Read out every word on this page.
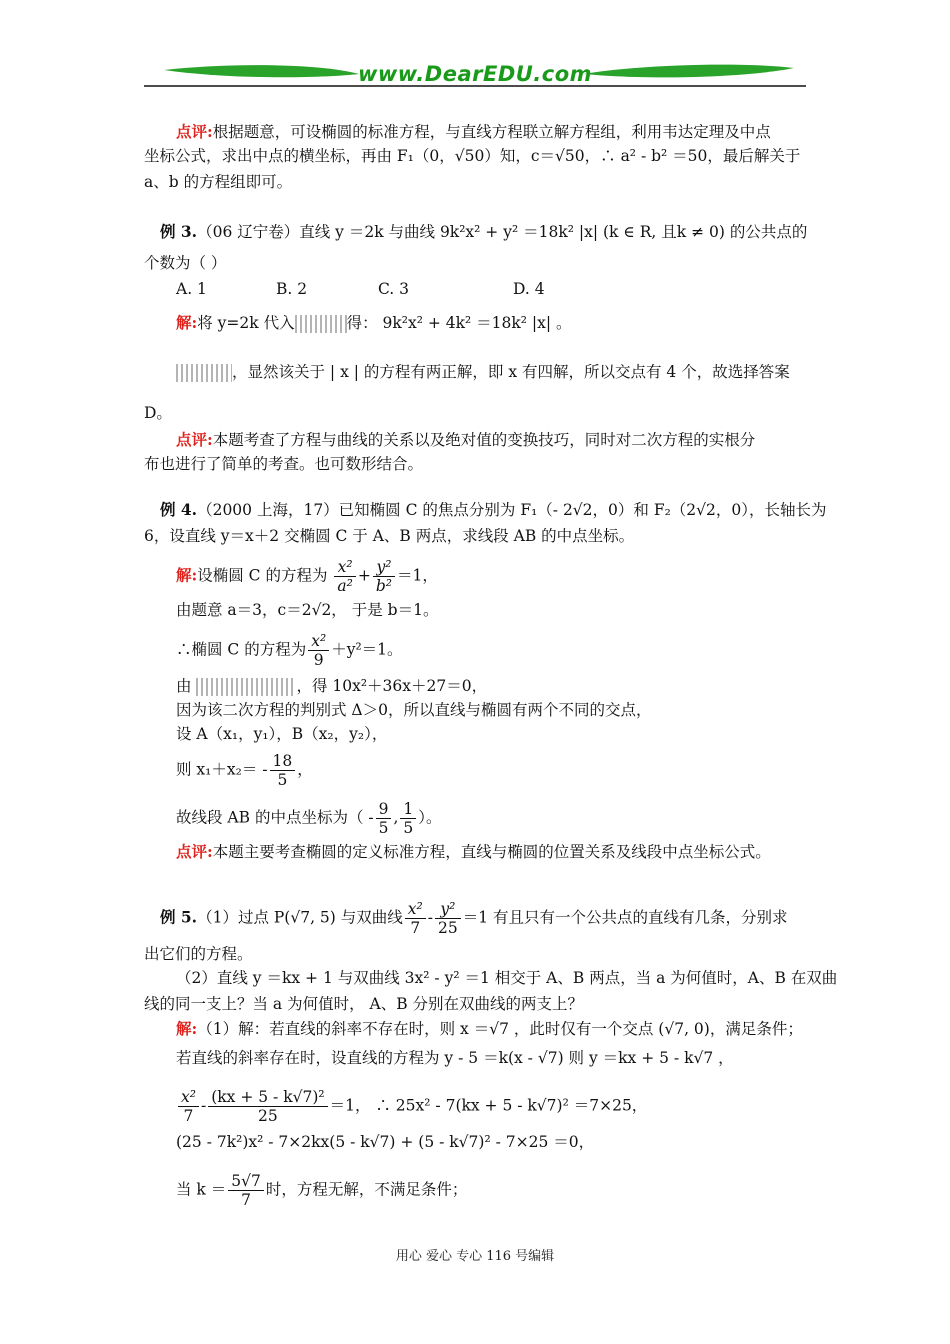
www.DearEDU.com
点评:根据题意，可设椭圆的标准方程，与直线方程联立解方程组，利用韦达定理及中点
坐标公式，求出中点的横坐标，再由 F₁（0，√50）知，c＝√50，∴ a² - b² ＝50，最后解关于
a、b 的方程组即可。
例 3.（06 辽宁卷）直线 y ＝2k 与曲线 9k²x² + y² ＝18k² |x| (k ∈ R, 且k ≠ 0) 的公共点的
个数为（ ）
A. 1	B. 2	C. 3	D. 4
解:将 y=2k 代入	得： 9k²x² + 4k² ＝18k² |x| 。
，显然该关于 | x | 的方程有两正解，即 x 有四解，所以交点有 4 个，故选择答案
D。
点评:本题考查了方程与曲线的关系以及绝对值的变换技巧，同时对二次方程的实根分
布也进行了简单的考查。也可数形结合。
例 4.（2000 上海，17）已知椭圆 C 的焦点分别为 F₁（- 2√2，0）和 F₂（2√2，0），长轴长为
6，设直线 y＝x＋2 交椭圆 C 于 A、B 两点，求线段 AB 的中点坐标。
解:设椭圆 C 的方程为 $\frac{\text{x²}}{\text{a²}} + \frac{\text{y²}}{\text{b²}} =1$，
由题意 a＝3，c＝2√2， 于是 b＝1。
∴椭圆 C 的方程为 $\frac{\text{x²}}{9} +y^2=1$。
由	，得 10x²＋36x＋27＝0，
因为该二次方程的判别式 Δ＞0，所以直线与椭圆有两个不同的交点，
设 A（x₁，y₁），B（x₂，y₂），
则 $x_1+x_2= - \frac{18}{5}$ ，
故线段 AB 的中点坐标为（ - $\frac{9}{5}$ , $\frac{1}{5}$ ）。
点评:本题主要考查椭圆的定义标准方程，直线与椭圆的位置关系及线段中点坐标公式。
例 5.（1）过点 P(√7, 5) 与双曲线 $\frac{\text{x²}}{7} - \frac{\text{y²}}{25} =1$ 有且只有一个公共点的直线有几条，分别求
出它们的方程。
（2）直线 y ＝kx + 1 与双曲线 3x² - y² ＝1 相交于 A、B 两点，当 a 为何值时，A、B 在双曲
线的同一支上？当 a 为何值时， A、B 分别在双曲线的两支上？
解:（1）解：若直线的斜率不存在时，则 x ＝√7 ，此时仅有一个交点 (√7, 0)，满足条件；
若直线的斜率存在时，设直线的方程为 y - 5 ＝k(x - √7) 则 y ＝kx + 5 - k√7 ，
$\frac{\text{x²}}{7} - \frac{\text{(kx + 5 - k√7)²}}{25} =1$， ∴ 25x² - 7(kx + 5 - k√7)² ＝7×25，
(25 - 7k²)x² - 7×2kx(5 - k√7) + (5 - k√7)² - 7×25 ＝0，
当 $k = \frac{5√7}{7}$ 时，方程无解，不满足条件；
用心 爱心 专心 116 号编辑
